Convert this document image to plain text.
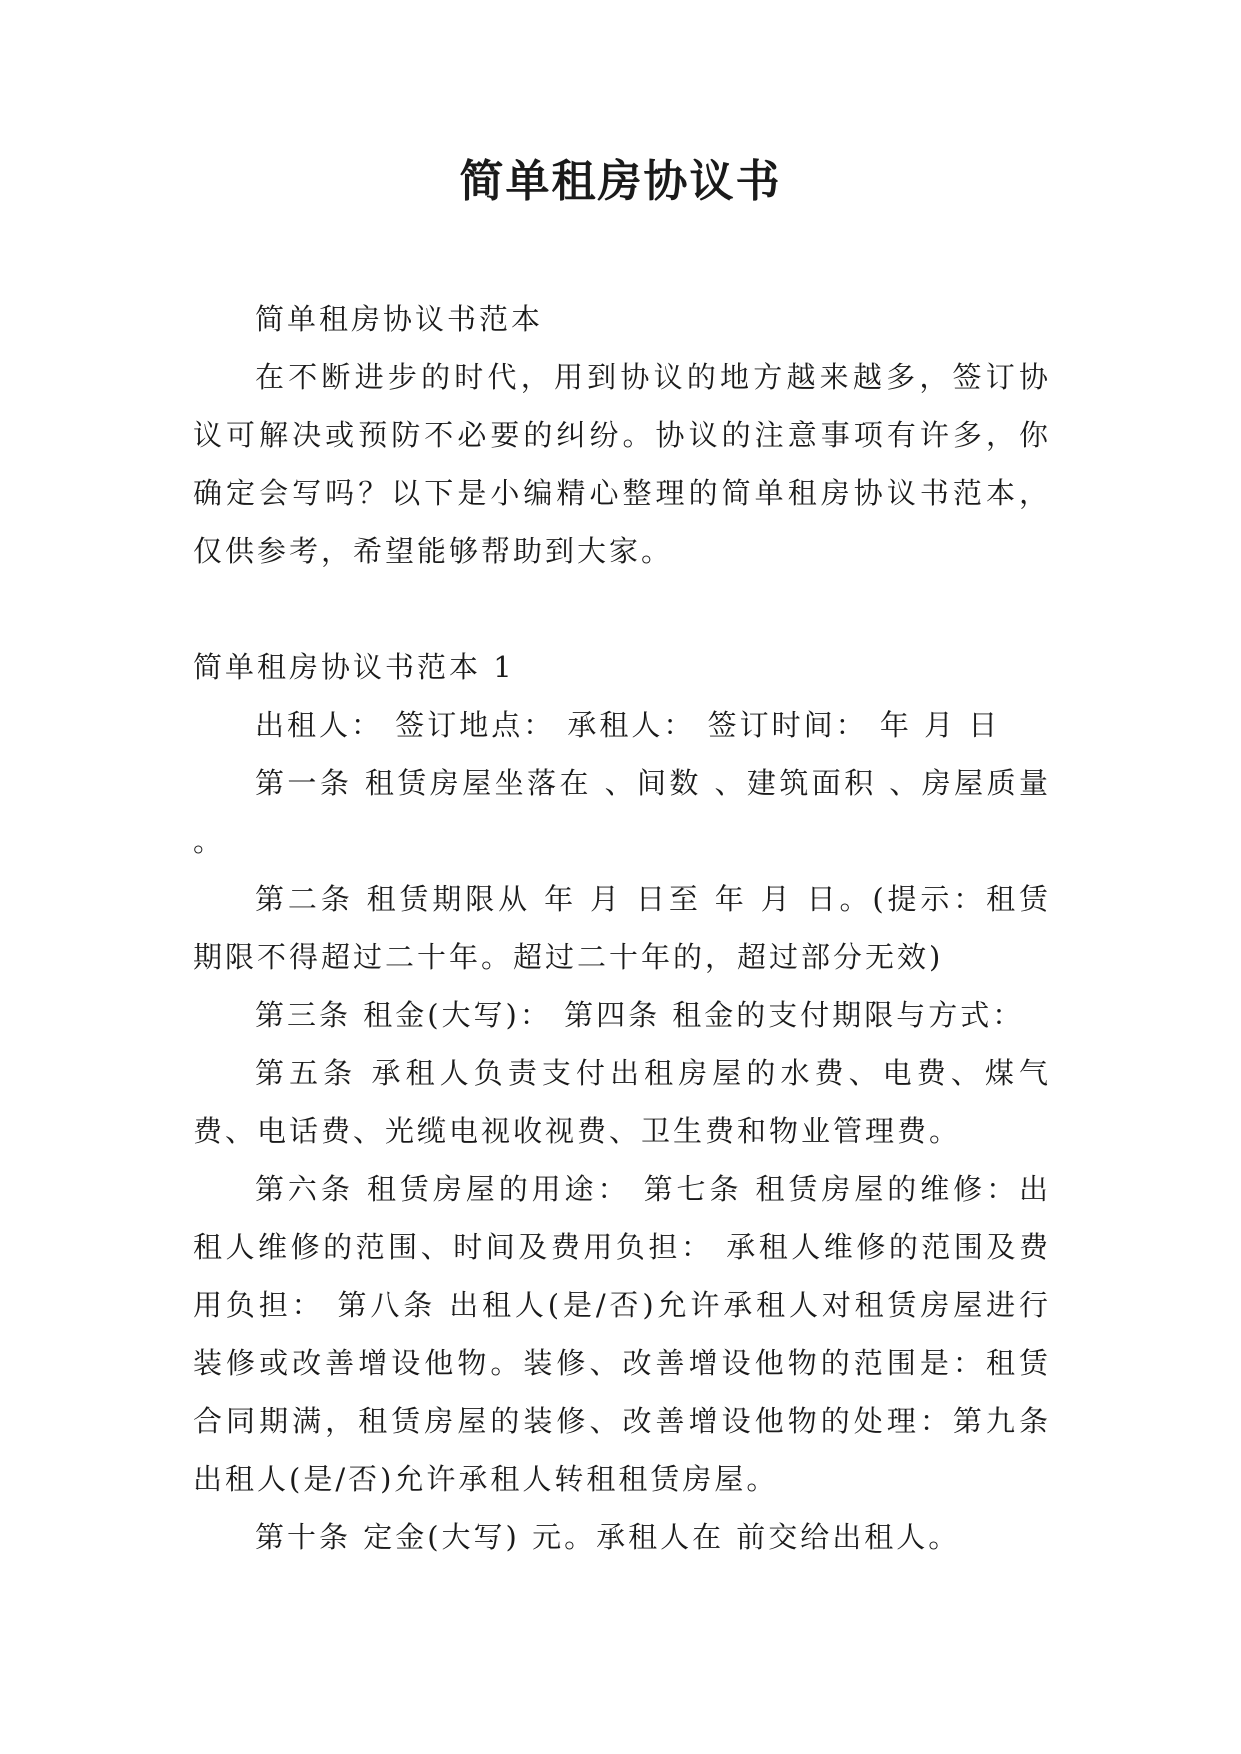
简单租房协议书

简单租房协议书范本

在不断进步的时代，用到协议的地方越来越多，签订协议可解决或预防不必要的纠纷。协议的注意事项有许多，你确定会写吗？以下是小编精心整理的简单租房协议书范本，仅供参考，希望能够帮助到大家。

简单租房协议书范本 1

出租人： 签订地点： 承租人： 签订时间： 年 月 日

第一条 租赁房屋坐落在 、间数 、建筑面积 、房屋质量 。

第二条 租赁期限从 年 月 日至 年 月 日。(提示：租赁期限不得超过二十年。超过二十年的，超过部分无效)

第三条 租金(大写)： 第四条 租金的支付期限与方式：

第五条 承租人负责支付出租房屋的水费、电费、煤气费、电话费、光缆电视收视费、卫生费和物业管理费。

第六条 租赁房屋的用途： 第七条 租赁房屋的维修：出租人维修的范围、时间及费用负担： 承租人维修的范围及费用负担： 第八条 出租人(是/否)允许承租人对租赁房屋进行装修或改善增设他物。装修、改善增设他物的范围是：租赁合同期满，租赁房屋的装修、改善增设他物的处理：第九条 出租人(是/否)允许承租人转租租赁房屋。

第十条 定金(大写) 元。承租人在 前交给出租人。
